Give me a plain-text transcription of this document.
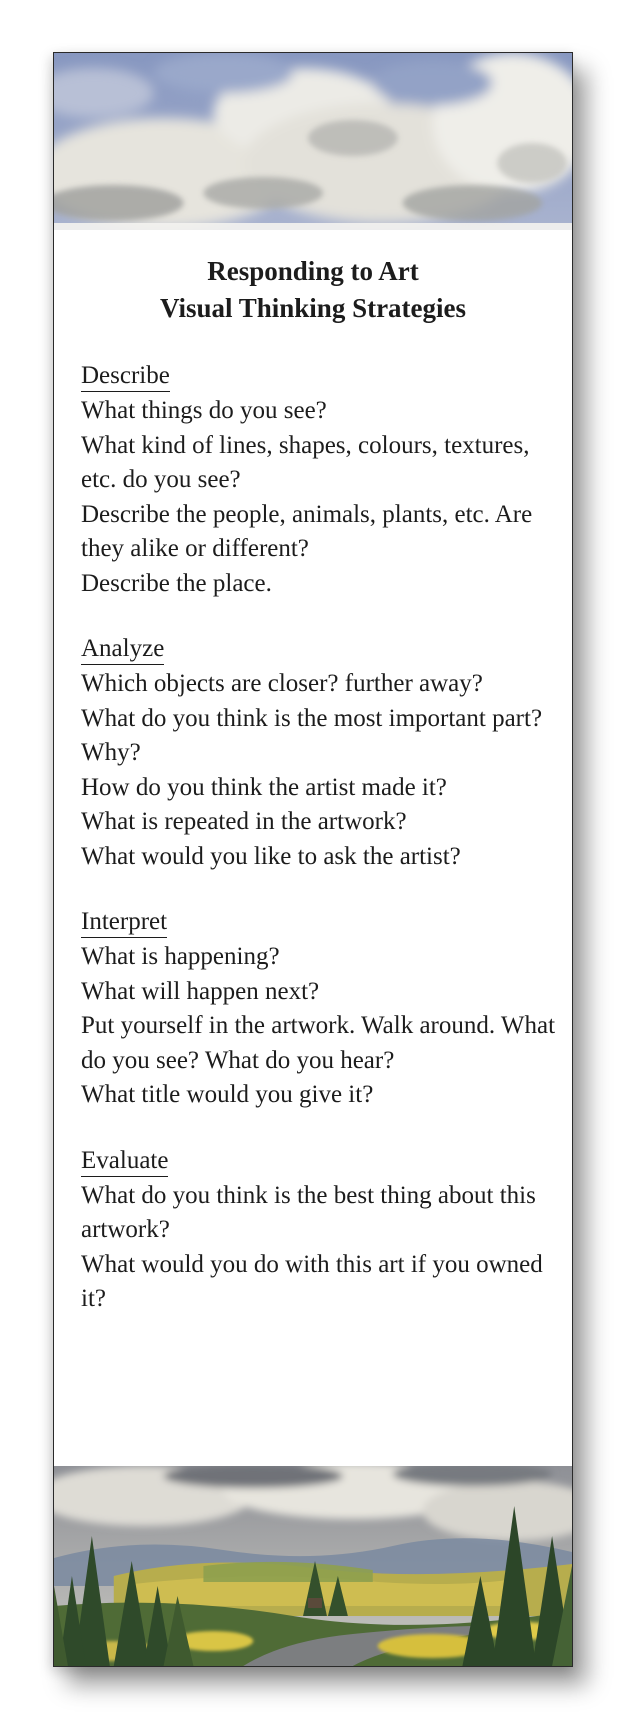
Responding to Art
Visual Thinking Strategies

Describe

What things do you see?

What kind of lines, shapes, colours, textures, etc. do you see?

Describe the people, animals, plants, etc. Are they alike or different?

Describe the place.

Analyze

Which objects are closer? further away?

What do you think is the most important part? Why?

How do you think the artist made it?

What is repeated in the artwork?

What would you like to ask the artist?

Interpret

What is happening?

What will happen next?

Put yourself in the artwork. Walk around. What do you see? What do you hear?

What title would you give it?

Evaluate

What do you think is the best thing about this artwork?

What would you do with this art if you owned it?
